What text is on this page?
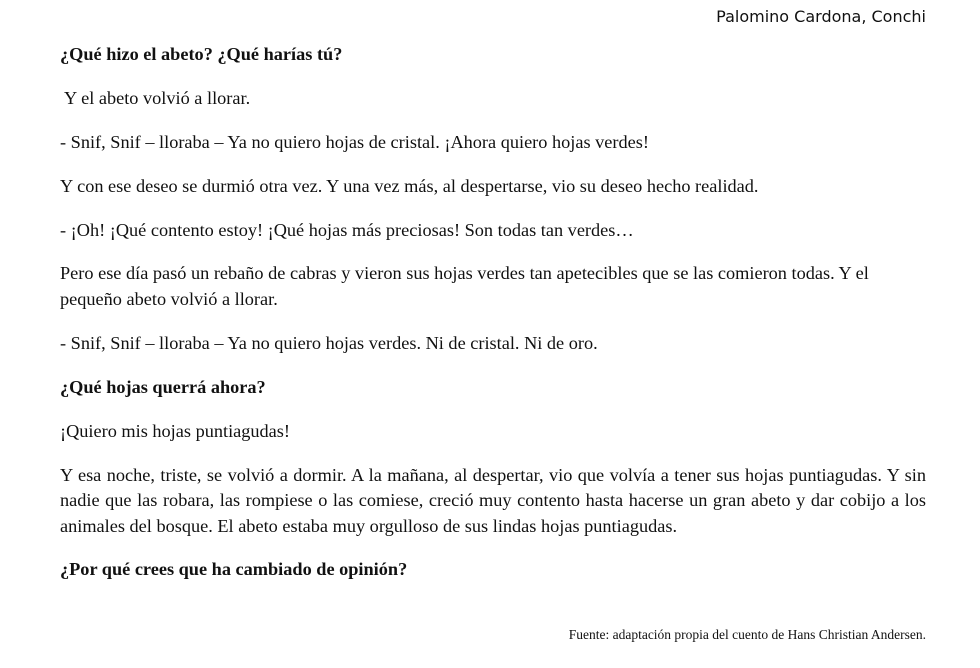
Palomino Cardona, Conchi

¿Qué hizo el abeto? ¿Qué harías tú?

Y el abeto volvió a llorar.

- Snif, Snif – lloraba – Ya no quiero hojas de cristal. ¡Ahora quiero hojas verdes!

Y con ese deseo se durmió otra vez. Y una vez más, al despertarse, vio su deseo hecho realidad.

- ¡Oh! ¡Qué contento estoy! ¡Qué hojas más preciosas! Son todas tan verdes…

Pero ese día pasó un rebaño de cabras y vieron sus hojas verdes tan apetecibles que se las comieron todas. Y el pequeño abeto volvió a llorar.

- Snif, Snif – lloraba – Ya no quiero hojas verdes. Ni de cristal. Ni de oro.

¿Qué hojas querrá ahora?

¡Quiero mis hojas puntiagudas!

Y esa noche, triste, se volvió a dormir. A la mañana, al despertar, vio que volvía a tener sus hojas puntiagudas. Y sin nadie que las robara, las rompiese o las comiese, creció muy contento hasta hacerse un gran abeto y dar cobijo a los animales del bosque. El abeto estaba muy orgulloso de sus lindas hojas puntiagudas.

¿Por qué crees que ha cambiado de opinión?

Fuente: adaptación propia del cuento de Hans Christian Andersen.
